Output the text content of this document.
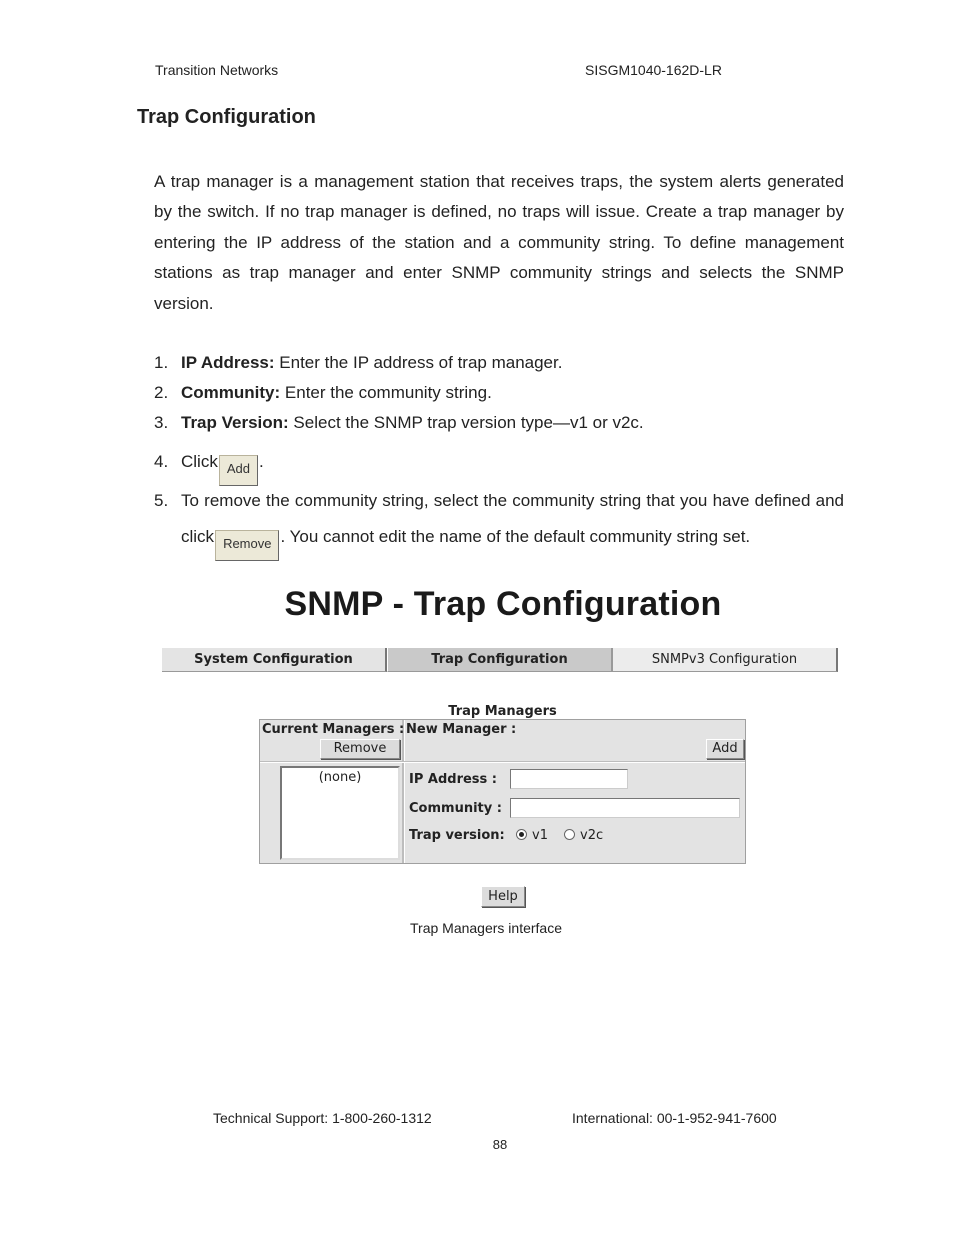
Transition Networks	SISGM1040-162D-LR
Trap Configuration

A trap manager is a management station that receives traps, the system alerts generated by the switch. If no trap manager is defined, no traps will issue. Create a trap manager by entering the IP address of the station and a community string. To define management stations as trap manager and enter SNMP community strings and selects the SNMP version.

1. IP Address: Enter the IP address of trap manager.
2. Community: Enter the community string.
3. Trap Version: Select the SNMP trap version type—v1 or v2c.
4. Click Add .
5. To remove the community string, select the community string that you have defined and click Remove . You cannot edit the name of the default community string set.
SNMP - Trap Configuration
System Configuration	Trap Configuration	SNMPv3 Configuration
Trap Managers
Current Managers : New Manager :
Remove	Add
(none)	IP Address :
Community :
Trap version: v1 v2c
Help
Trap Managers interface
Technical Support: 1-800-260-1312	International: 00-1-952-941-7600
88
